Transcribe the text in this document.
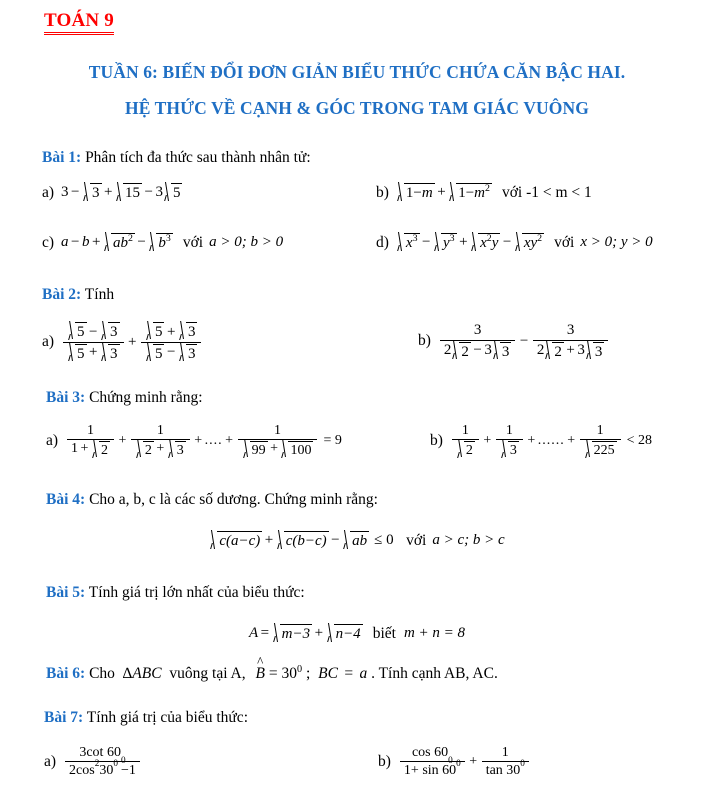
TOÁN 9
TUẦN 6: BIẾN ĐỔI ĐƠN GIẢN BIỂU THỨC CHỨA CĂN BẬC HAI.
HỆ THỨC VỀ CẠNH & GÓC TRONG TAM GIÁC VUÔNG
Bài 1: Phân tích đa thức sau thành nhân tử:
a) 3 − 3 + 15 − 3 5	b) $1-m + 1-m^2$ với -1 < m < 1
c) $a - b + ab^2 - b^3$ với a > 0; b > 0	d) $x^3 - y^3 + x^2y - xy^2$ với x > 0; y > 0
Bài 2: Tính
$a) \frac{5 - 3}{5 + 3} + \frac{5 + 3}{5 - 3}$	b)
3
2 2 − 3 3
−
3
2 2 + 3 3
Bài 3: Chứng minh rằng:
$a) \frac{1}{1 + 2} + \frac{1}{2 + 3}$ + .... + $\frac{1}{99 + 100} = 9$	$b) \frac{1}{2} + \frac{1}{3}$ + ...... + $\frac{1}{225} < 28$
Bài 4: Cho a, b, c là các số dương. Chứng minh rằng:
c(a−c) + c(b−c) − ab ≤ 0 với a > c; b > c
Bài 5: Tính giá trị lớn nhất của biểu thức:
A = m−3 + n−4 biết m + n = 8
Bài 6: Cho ∆ABC vuông tại A, ^ $B = 30^0$ ; BC = a . Tính cạnh AB, AC.
Bài 7: Tính giá trị của biểu thức:
a) 3cot 60
0
2cos 2 30 0 −1	b) cos 60
0
1+ sin 60 $0 + \frac{1}{\tan 30 0}$
